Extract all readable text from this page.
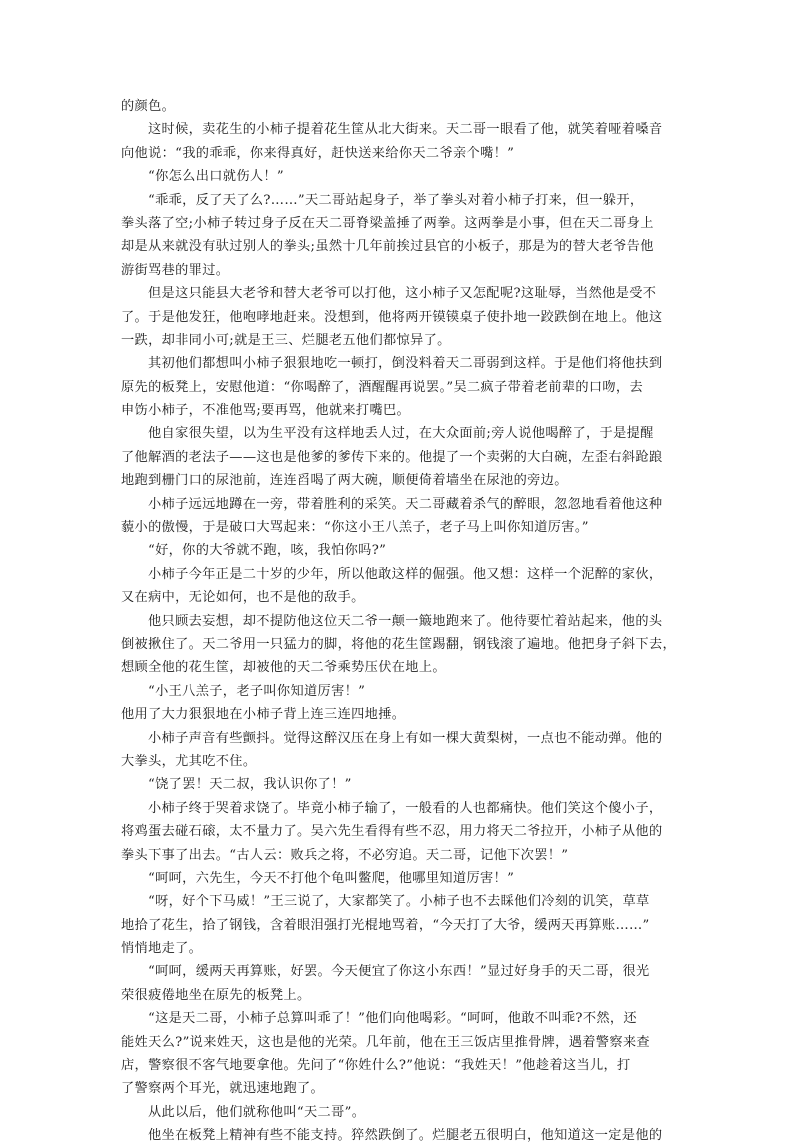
的颜色。
这时候，卖花生的小柿子提着花生筐从北大街来。天二哥一眼看了他，就笑着哑着嗓音
向他说：“我的乖乖，你来得真好，赶快送来给你天二爷亲个嘴！”
“你怎么出口就伤人！”
“乖乖，反了天了么?……”天二哥站起身子，举了拳头对着小柿子打来，但一躲开，
拳头落了空;小柿子转过身子反在天二哥脊梁盖捶了两拳。这两拳是小事，但在天二哥身上
却是从来就没有驮过别人的拳头;虽然十几年前挨过县官的小板子，那是为的替大老爷告他
游街骂巷的罪过。
但是这只能县大老爷和替大老爷可以打他，这小柿子又怎配呢?这耻辱，当然他是受不
了。于是他发狂，他咆哮地赶来。没想到，他将两开镆镆桌子使扑地一跤跌倒在地上。他这
一跌，却非同小可;就是王三、烂腿老五他们都惊异了。
其初他们都想叫小柿子狠狠地吃一顿打，倒没料着天二哥弱到这样。于是他们将他扶到
原先的板凳上，安慰他道：“你喝醉了，酒醒醒再说罢。”吴二疯子带着老前辈的口吻，去
申饬小柿子，不准他骂;要再骂，他就来打嘴巴。
他自家很失望，以为生平没有这样地丢人过，在大众面前;旁人说他喝醉了，于是提醒
了他解酒的老法子——这也是他爹的爹传下来的。他提了一个卖粥的大白碗，左歪右斜跄踉
地跑到栅门口的尿池前，连连舀喝了两大碗，顺便倚着墙坐在尿池的旁边。
小柿子远远地蹲在一旁，带着胜利的采笑。天二哥藏着杀气的醉眼，忽忽地看着他这种
藐小的傲慢，于是破口大骂起来：“你这小王八羔子，老子马上叫你知道厉害。”
“好，你的大爷就不跑，咳，我怕你吗?”
小柿子今年正是二十岁的少年，所以他敢这样的倔强。他又想：这样一个泥醉的家伙，
又在病中，无论如何，也不是他的敌手。
他只顾去妄想，却不提防他这位天二爷一颠一簸地跑来了。他待要忙着站起来，他的头
倒被揪住了。天二爷用一只猛力的脚，将他的花生筐踢翻，钢钱滚了遍地。他把身子斜下去，
想顾全他的花生筐，却被他的天二爷乘势压伏在地上。
“小王八羔子，老子叫你知道厉害！”
他用了大力狠狠地在小柿子背上连三连四地捶。
小柿子声音有些颤抖。觉得这醉汉压在身上有如一棵大黄梨树，一点也不能动弹。他的
大拳头，尤其吃不住。
“饶了罢！天二叔，我认识你了！”
小柿子终于哭着求饶了。毕竟小柿子输了，一般看的人也都痛快。他们笑这个傻小子，
将鸡蛋去碰石磙，太不量力了。吴六先生看得有些不忍，用力将天二爷拉开，小柿子从他的
拳头下事了出去。“古人云：败兵之将，不必穷追。天二哥，记他下次罢！”
“呵呵，六先生，今天不打他个龟叫鳖爬，他哪里知道厉害！”
“呀，好个下马威！”王三说了，大家都笑了。小柿子也不去睬他们冷刻的讥笑，草草
地拾了花生，拾了钢钱，含着眼泪强打光棍地骂着，“今天打了大爷，缓两天再算账……”
悄悄地走了。
“呵呵，缓两天再算账，好罢。今天便宜了你这小东西！”显过好身手的天二哥，很光
荣很疲倦地坐在原先的板凳上。
“这是天二哥，小柿子总算叫乖了！”他们向他喝彩。“呵呵，他敢不叫乖?不然，还
能姓天么?”说来姓天，这也是他的光荣。几年前，他在王三饭店里推骨牌，遇着警察来查
店，警察很不客气地要拿他。先问了“你姓什么?”他说：“我姓天！”他趁着这当儿，打
了警察两个耳光，就迅速地跑了。
从此以后，他们就称他叫“天二哥”。
他坐在板凳上精神有些不能支持。猝然跌倒了。烂腿老五很明白，他知道这一定是他的
